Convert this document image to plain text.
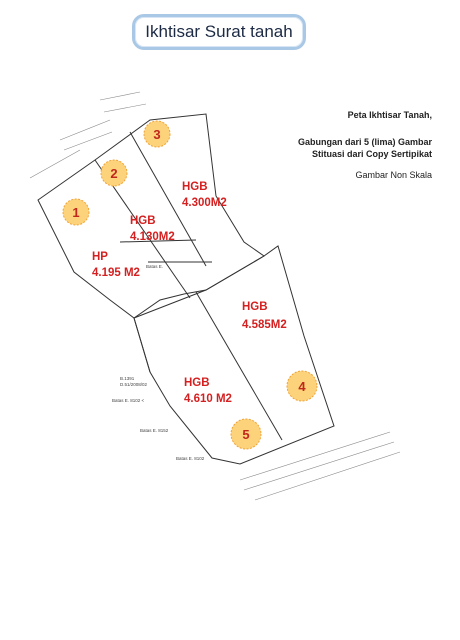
Ikhtisar Surat tanah
Peta Ikhtisar Tanah,
Gabungan dari 5 (lima) Gambar
Stituasi dari Copy Sertipikat
Gambar Non Skala
B.1391
D.51/2008/02
Batas E. 8102 <
Batas E. 8152
Batas E. 8102
Batas E.
1
2
3
4
5
HP
4.195 M2
HGB
4.130M2
HGB
4.300M2
HGB
4.585M2
HGB
4.610 M2
